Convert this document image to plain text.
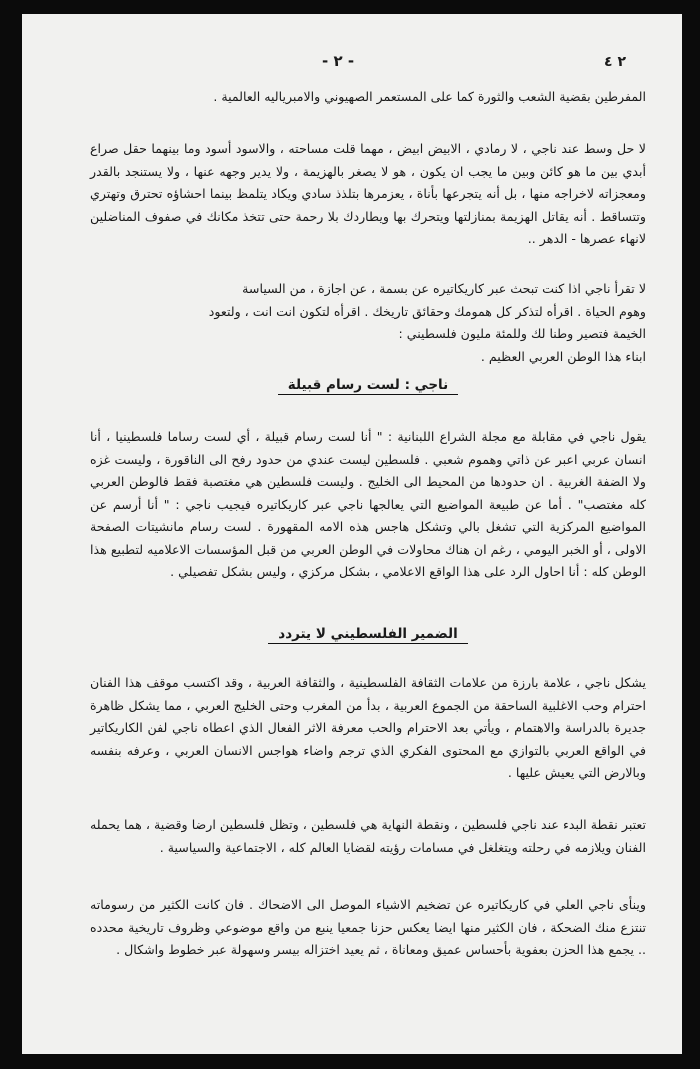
- ٢ -	٢ ٤

المفرطين بقضية الشعب والثورة كما على المستعمر الصهيوني والامبرياليه العالمية .

لا حل وسط عند ناجي ، لا رمادي ، الابيض ابيض ، مهما قلت مساحته ، والاسود أسود وما بينهما حقل صراع أبدي بين ما هو كائن وبين ما يجب ان يكون ، هو لا يصغر بالهزيمة ، ولا يدير وجهه عنها ، ولا يستنجد بالقدر ومعجزاته لاخراجه منها ، بل أنه يتجرعها بأناة ، يعزمرها بتلذذ سادي ويكاد يتلمظ بينما احشاؤه تحترق وتهتري وتتساقط . أنه يقاتل الهزيمة بمنازلتها ويتحرك بها ويطاردك بلا رحمة حتى تتخذ مكانك في صفوف المناضلين لانهاء عصرها - الدهر ..

لا تقرأ ناجي اذا كنت تبحث عبر كاريكاتيره عن بسمة ، عن اجازة ، من السياسة
وهوم الحياة . اقرأه لتذكر كل همومك وحقائق تاريخك . اقرأه لتكون انت انت ، ولتعود
الخيمة فتصير وطنا لك وللمئة مليون فلسطيني :
ابناء هذا الوطن العربي العظيم .
ناجي : لست رسام قبيلة

يقول ناجي في مقابلة مع مجلة الشراع اللبنانية : " أنا لست رسام قبيلة ، أي لست رساما فلسطينيا ، أنا انسان عربي اعبر عن ذاتي وهموم شعبي . فلسطين ليست عندي من حدود رفح الى الناقورة ، وليست غزه ولا الضفة الغربية . ان حدودها من المحيط الى الخليج . وليست فلسطين هي مغتصبة فقط فالوطن العربي كله مغتصب" . أما عن طبيعة المواضيع التي يعالجها ناجي عبر كاريكاتيره فيجيب ناجي : " أنا أرسم عن المواضيع المركزية التي تشغل بالي وتشكل هاجس هذه الامه المقهورة . لست رسام مانشيتات الصفحة الاولى ، أو الخبر اليومي ، رغم ان هناك محاولات في الوطن العربي من قبل المؤسسات الاعلاميه لتطبيع هذا الوطن كله : أنا احاول الرد على هذا الواقع الاعلامي ، بشكل مركزي ، وليس بشكل تفصيلي .

الضمير الفلسطيني لا يتردد

يشكل ناجي ، علامة بارزة من علامات الثقافة الفلسطينية ، والثقافة العربية ، وقد اكتسب موقف هذا الفنان احترام وحب الاغلبية الساحقة من الجموع العربية ، بدأ من المغرب وحتى الخليج العربي ، مما يشكل ظاهرة جديرة بالدراسة والاهتمام ، ويأتي بعد الاحترام والحب معرفة الاثر الفعال الذي اعطاه ناجي لفن الكاريكاتير في الواقع العربي بالتوازي مع المحتوى الفكري الذي ترجم واضاء هواجس الانسان العربي ، وعرفه بنفسه وبالارض التي يعيش عليها .

تعتبر نقطة البدء عند ناجي فلسطين ، ونقطة النهاية هي فلسطين ، وتظل فلسطين ارضا وقضية ، هما يحمله الفنان ويلازمه في رحلته ويتغلغل في مسامات رؤيته لقضايا العالم كله ، الاجتماعية والسياسية .

وينأى ناجي العلي في كاريكاتيره عن تضخيم الاشياء الموصل الى الاضحاك . فان كانت الكثير من رسوماته تنتزع منك الضحكة ، فان الكثير منها ايضا يعكس حزنا جمعيا ينبع من واقع موضوعي وظروف تاريخية محدده .. يجمع هذا الحزن بعفوية بأحساس عميق ومعاناة ، ثم يعيد اختزاله بيسر وسهولة عبر خطوط واشكال .
